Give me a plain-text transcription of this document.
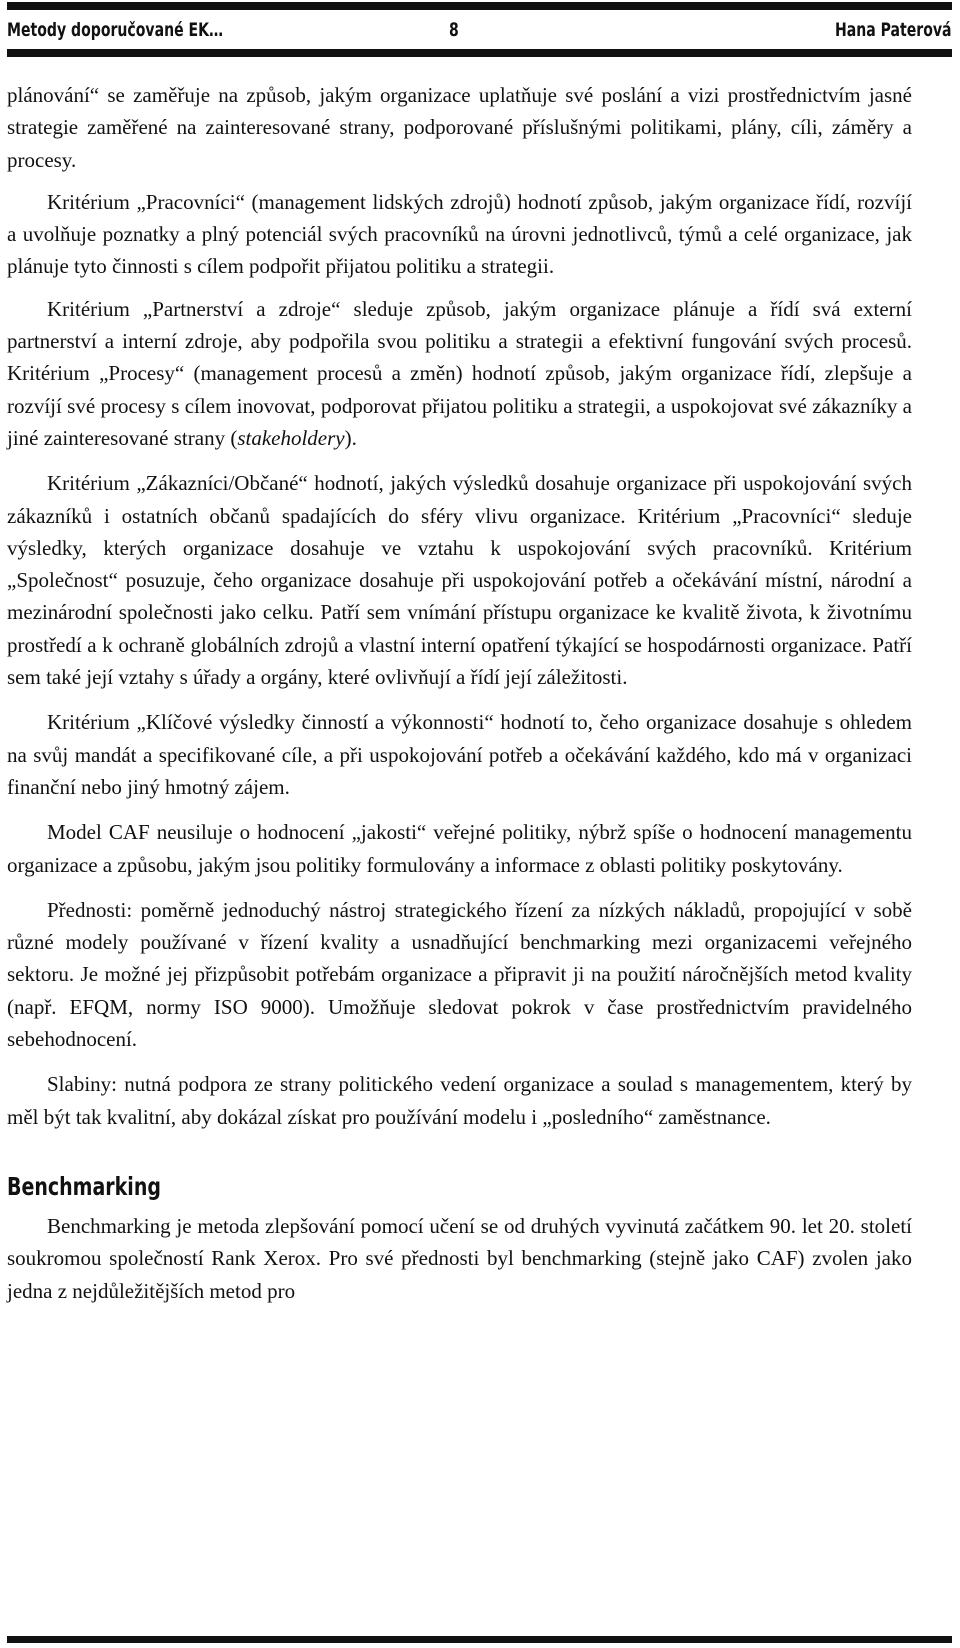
Metody doporučované EK…	8	Hana Paterová

plánování“ se zaměřuje na způsob, jakým organizace uplatňuje své poslání a vizi prostřednictvím jasné strategie zaměřené na zainteresované strany, podporované příslušnými politikami, plány, cíli, záměry a procesy.

Kritérium „Pracovníci“ (management lidských zdrojů) hodnotí způsob, jakým organizace řídí, rozvíjí a uvolňuje poznatky a plný potenciál svých pracovníků na úrovni jednotlivců, týmů a celé organizace, jak plánuje tyto činnosti s cílem podpořit přijatou politiku a strategii.

Kritérium „Partnerství a zdroje“ sleduje způsob, jakým organizace plánuje a řídí svá externí partnerství a interní zdroje, aby podpořila svou politiku a strategii a efektivní fungování svých procesů. Kritérium „Procesy“ (management procesů a změn) hodnotí způsob, jakým organizace řídí, zlepšuje a rozvíjí své procesy s cílem inovovat, podporovat přijatou politiku a strategii, a uspokojovat své zákazníky a jiné zainteresované strany (stakeholdery).

Kritérium „Zákazníci/Občané“ hodnotí, jakých výsledků dosahuje organizace při uspokojování svých zákazníků i ostatních občanů spadajících do sféry vlivu organizace. Kritérium „Pracovníci“ sleduje výsledky, kterých organizace dosahuje ve vztahu k uspokojování svých pracovníků. Kritérium „Společnost“ posuzuje, čeho organizace dosahuje při uspokojování potřeb a očekávání místní, národní a mezinárodní společnosti jako celku. Patří sem vnímání přístupu organizace ke kvalitě života, k životnímu prostředí a k ochraně globálních zdrojů a vlastní interní opatření týkající se hospodárnosti organizace. Patří sem také její vztahy s úřady a orgány, které ovlivňují a řídí její záležitosti.

Kritérium „Klíčové výsledky činností a výkonnosti“ hodnotí to, čeho organizace dosahuje s ohledem na svůj mandát a specifikované cíle, a při uspokojování potřeb a očekávání každého, kdo má v organizaci finanční nebo jiný hmotný zájem.

Model CAF neusiluje o hodnocení „jakosti“ veřejné politiky, nýbrž spíše o hodnocení managementu organizace a způsobu, jakým jsou politiky formulovány a informace z oblasti politiky poskytovány.

Přednosti: poměrně jednoduchý nástroj strategického řízení za nízkých nákladů, propojující v sobě různé modely používané v řízení kvality a usnadňující benchmarking mezi organizacemi veřejného sektoru. Je možné jej přizpůsobit potřebám organizace a připravit ji na použití náročnějších metod kvality (např. EFQM, normy ISO 9000). Umožňuje sledovat pokrok v čase prostřednictvím pravidelného sebehodnocení.

Slabiny: nutná podpora ze strany politického vedení organizace a soulad s managementem, který by měl být tak kvalitní, aby dokázal získat pro používání modelu i „posledního“ zaměstnance.

Benchmarking

Benchmarking je metoda zlepšování pomocí učení se od druhých vyvinutá začátkem 90. let 20. století soukromou společností Rank Xerox. Pro své přednosti byl benchmarking (stejně jako CAF) zvolen jako jedna z nejdůležitějších metod pro
